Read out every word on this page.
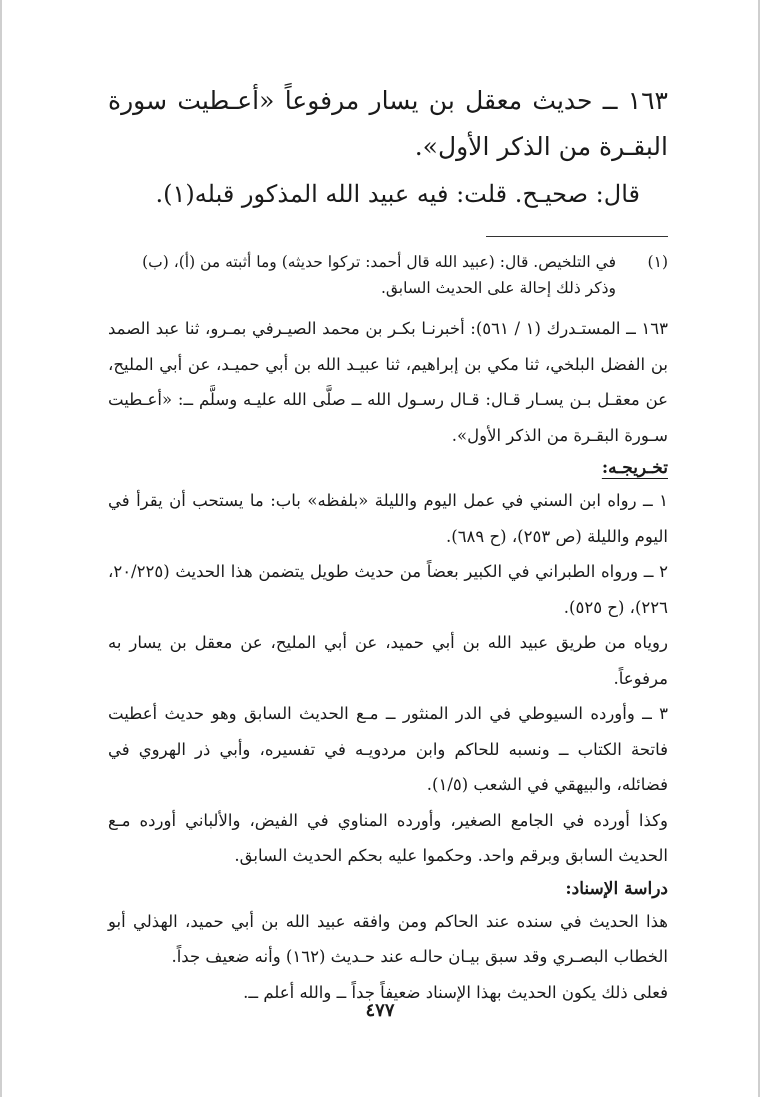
١٦٣ ــ حديث معقل بن يسار مرفوعاً «أعـطيت سورة البقـرة من الذكر الأول».

قال: صحيـح. قلت: فيه عبيد الله المذكور قبله(١).

(١)
في التلخيص. قال: (عبيد الله قال أحمد: تركوا حديثه) وما أثبته من (أ)، (ب) وذكر ذلك إحالة على الحديث السابق.

١٦٣ ــ المستـدرك (١ / ٥٦١): أخبرنـا بكـر بن محمد الصيـرفي بمـرو، ثنا عبد الصمد بن الفضل البلخي، ثنا مكي بن إبراهيم، ثنا عبيـد الله بن أبي حميـد، عن أبي المليح، عن معقـل بـن يسـار قـال: قـال رسـول الله ــ صلَّى الله عليـه وسلَّم ــ: «أعـطيت سـورة البقـرة من الذكر الأول».

تخـريجـه:

١ ــ رواه ابن السني في عمل اليوم والليلة «بلفظه» باب: ما يستحب أن يقرأ في اليوم والليلة (ص ٢٥٣)، (ح ٦٨٩).

٢ ــ ورواه الطبراني في الكبير بعضاً من حديث طويل يتضمن هذا الحديث (٢٠/٢٢٥، ٢٢٦)، (ح ٥٢٥).

روياه من طريق عبيد الله بن أبي حميد، عن أبي المليح، عن معقل بن يسار به مرفوعاً.

٣ ــ وأورده السيوطي في الدر المنثور ــ مـع الحديث السابق وهو حديث أعطيت فاتحة الكتاب ــ ونسبه للحاكم وابن مردويـه في تفسيره، وأبي ذر الهروي في فضائله، والبيهقي في الشعب (١/٥).

وكذا أورده في الجامع الصغير، وأورده المناوي في الفيض، والألباني أورده مـع الحديث السابق وبرقم واحد. وحكموا عليه بحكم الحديث السابق.

دراسة الإسناد:

هذا الحديث في سنده عند الحاكم ومن وافقه عبيد الله بن أبي حميد، الهذلي أبو الخطاب البصـري وقد سبق بيـان حالـه عند حـديث (١٦٢) وأنه ضعيف جداً.

فعلى ذلك يكون الحديث بهذا الإسناد ضعيفاً جداً ــ والله أعلم ــ.

٤٧٧
